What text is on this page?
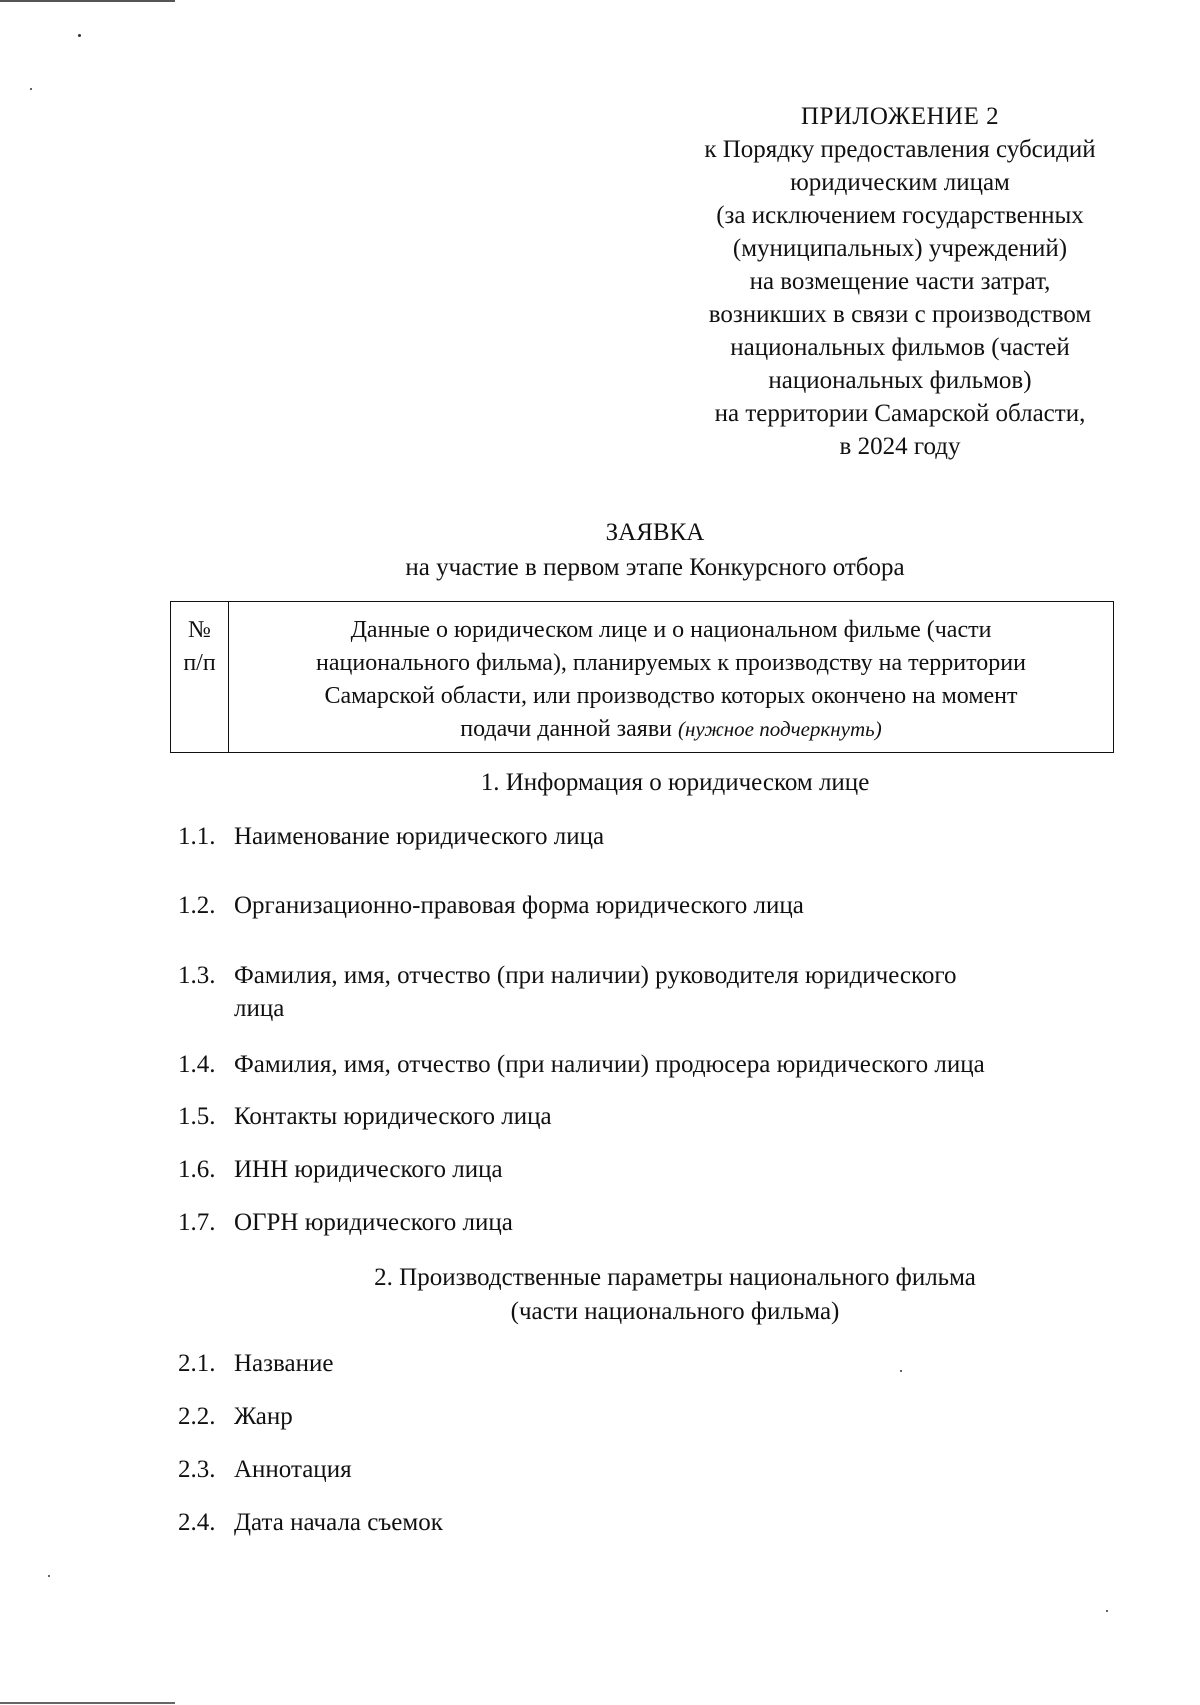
ПРИЛОЖЕНИЕ 2
к Порядку предоставления субсидий
юридическим лицам
(за исключением государственных
(муниципальных) учреждений)
на возмещение части затрат,
возникших в связи с производством
национальных фильмов (частей
национальных фильмов)
на территории Самарской области,
в 2024 году
ЗАЯВКА
на участие в первом этапе Конкурсного отбора
№
п/п
Данные о юридическом лице и о национальном фильме (части
национального фильма), планируемых к производству на территории
Самарской области, или производство которых окончено на момент
подачи данной заяви (нужное подчеркнуть)
1. Информация о юридическом лице
1.1. Наименование юридического лица
1.2. Организационно-правовая форма юридического лица
1.3. Фамилия, имя, отчество (при наличии) руководителя юридического
лица
1.4. Фамилия, имя, отчество (при наличии) продюсера юридического лица
1.5. Контакты юридического лица
1.6. ИНН юридического лица
1.7. ОГРН юридического лица
2. Производственные параметры национального фильма
(части национального фильма)
2.1. Название
2.2. Жанр
2.3. Аннотация
2.4. Дата начала съемок
